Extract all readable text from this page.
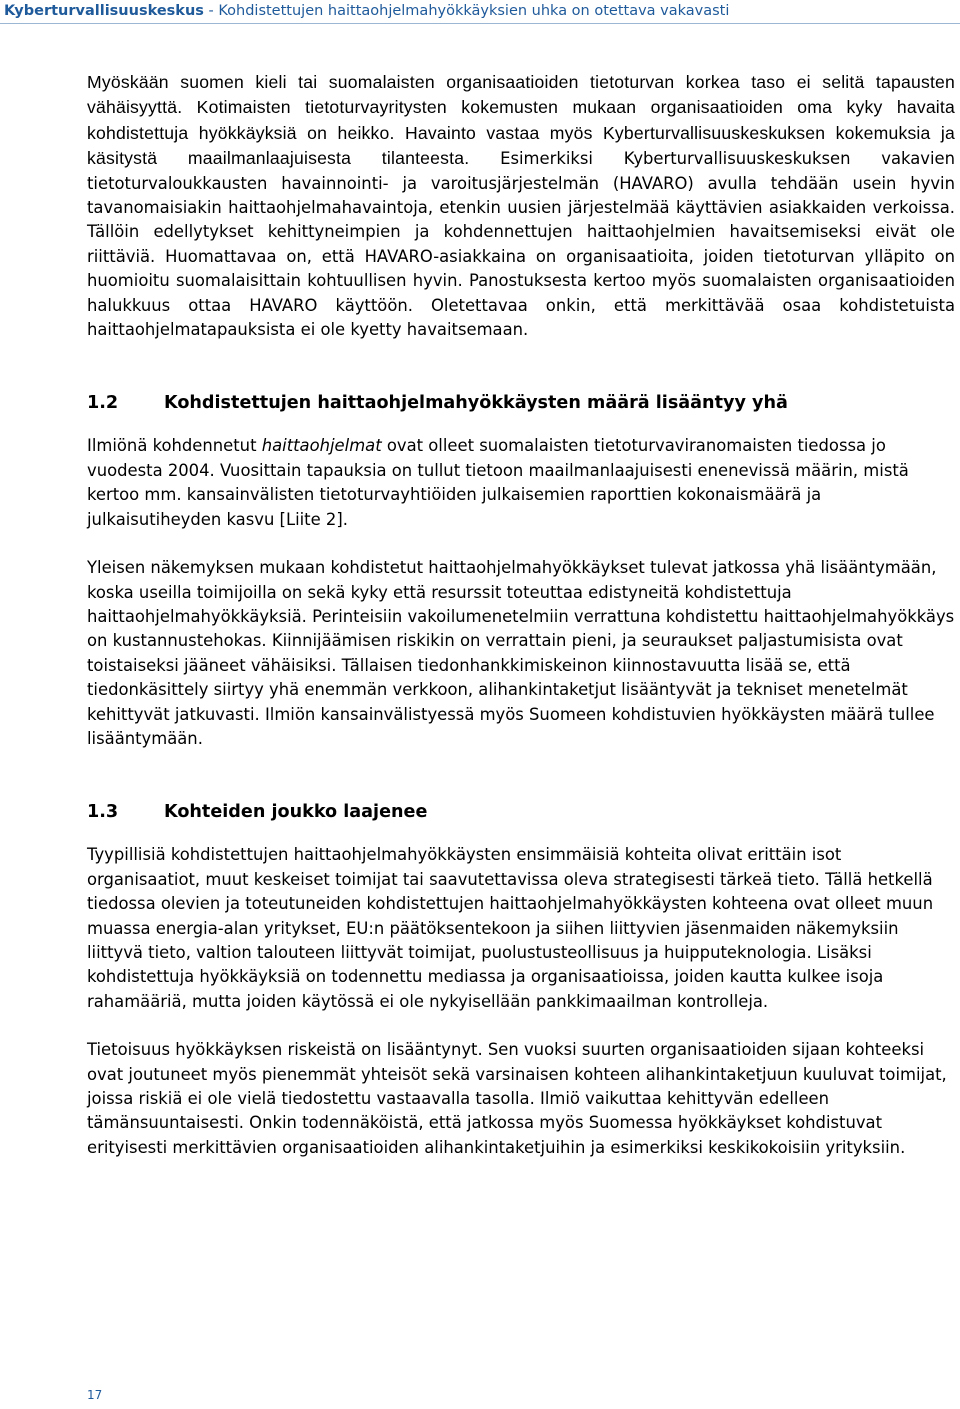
Kyberturvallisuuskeskus - Kohdistettujen haittaohjelmahyökkäyksien uhka on otettava vakavasti

Myöskään suomen kieli tai suomalaisten organisaatioiden tietoturvan korkea taso ei selitä tapausten vähäisyyttä. Kotimaisten tietoturvayritysten kokemusten mukaan organisaatioiden oma kyky havaita kohdistettuja hyökkäyksiä on heikko. Havainto vastaa myös Kyberturvallisuuskeskuksen kokemuksia ja käsitystä maailmanlaajuisesta tilanteesta. Esimerkiksi Kyberturvallisuuskeskuksen vakavien tietoturvaloukkausten havainnointi- ja varoitusjärjestelmän (HAVARO) avulla tehdään usein hyvin tavanomaisiakin haittaohjelmahavaintoja, etenkin uusien järjestelmää käyttävien asiakkaiden verkoissa. Tällöin edellytykset kehittyneimpien ja kohdennettujen haittaohjelmien havaitsemiseksi eivät ole riittäviä. Huomattavaa on, että HAVARO-asiakkaina on organisaatioita, joiden tietoturvan ylläpito on huomioitu suomalaisittain kohtuullisen hyvin. Panostuksesta kertoo myös suomalaisten organisaatioiden halukkuus ottaa HAVARO käyttöön. Oletettavaa onkin, että merkittävää osaa kohdistetuista haittaohjelmatapauksista ei ole kyetty havaitsemaan.

1.2	Kohdistettujen haittaohjelmahyökkäysten määrä lisääntyy yhä

Ilmiönä kohdennetut haittaohjelmat ovat olleet suomalaisten tietoturvaviranomaisten tiedossa jo vuodesta 2004. Vuosittain tapauksia on tullut tietoon maailmanlaajuisesti enenevissä määrin, mistä kertoo mm. kansainvälisten tietoturvayhtiöiden julkaisemien raporttien kokonaismäärä ja julkaisutiheyden kasvu [Liite 2].

Yleisen näkemyksen mukaan kohdistetut haittaohjelmahyökkäykset tulevat jatkossa yhä lisääntymään, koska useilla toimijoilla on sekä kyky että resurssit toteuttaa edistyneitä kohdistettuja haittaohjelmahyökkäyksiä. Perinteisiin vakoilumenetelmiin verrattuna kohdistettu haittaohjelmahyökkäys on kustannustehokas. Kiinnijäämisen riskikin on verrattain pieni, ja seuraukset paljastumisista ovat toistaiseksi jääneet vähäisiksi. Tällaisen tiedonhankkimiskeinon kiinnostavuutta lisää se, että tiedonkäsittely siirtyy yhä enemmän verkkoon, alihankintaketjut lisääntyvät ja tekniset menetelmät kehittyvät jatkuvasti. Ilmiön kansainvälistyessä myös Suomeen kohdistuvien hyökkäysten määrä tullee lisääntymään.

1.3	Kohteiden joukko laajenee

Tyypillisiä kohdistettujen haittaohjelmahyökkäysten ensimmäisiä kohteita olivat erittäin isot organisaatiot, muut keskeiset toimijat tai saavutettavissa oleva strategisesti tärkeä tieto. Tällä hetkellä tiedossa olevien ja toteutuneiden kohdistettujen haittaohjelmahyökkäysten kohteena ovat olleet muun muassa energia-alan yritykset, EU:n päätöksentekoon ja siihen liittyvien jäsenmaiden näkemyksiin liittyvä tieto, valtion talouteen liittyvät toimijat, puolustusteollisuus ja huipputeknologia. Lisäksi kohdistettuja hyökkäyksiä on todennettu mediassa ja organisaatioissa, joiden kautta kulkee isoja rahamääriä, mutta joiden käytössä ei ole nykyisellään pankkimaailman kontrolleja.

Tietoisuus hyökkäyksen riskeistä on lisääntynyt. Sen vuoksi suurten organisaatioiden sijaan kohteeksi ovat joutuneet myös pienemmät yhteisöt sekä varsinaisen kohteen alihankintaketjuun kuuluvat toimijat, joissa riskiä ei ole vielä tiedostettu vastaavalla tasolla. Ilmiö vaikuttaa kehittyvän edelleen tämänsuuntaisesti. Onkin todennäköistä, että jatkossa myös Suomessa hyökkäykset kohdistuvat erityisesti merkittävien organisaatioiden alihankintaketjuihin ja esimerkiksi keskikokoisiin yrityksiin.

17
